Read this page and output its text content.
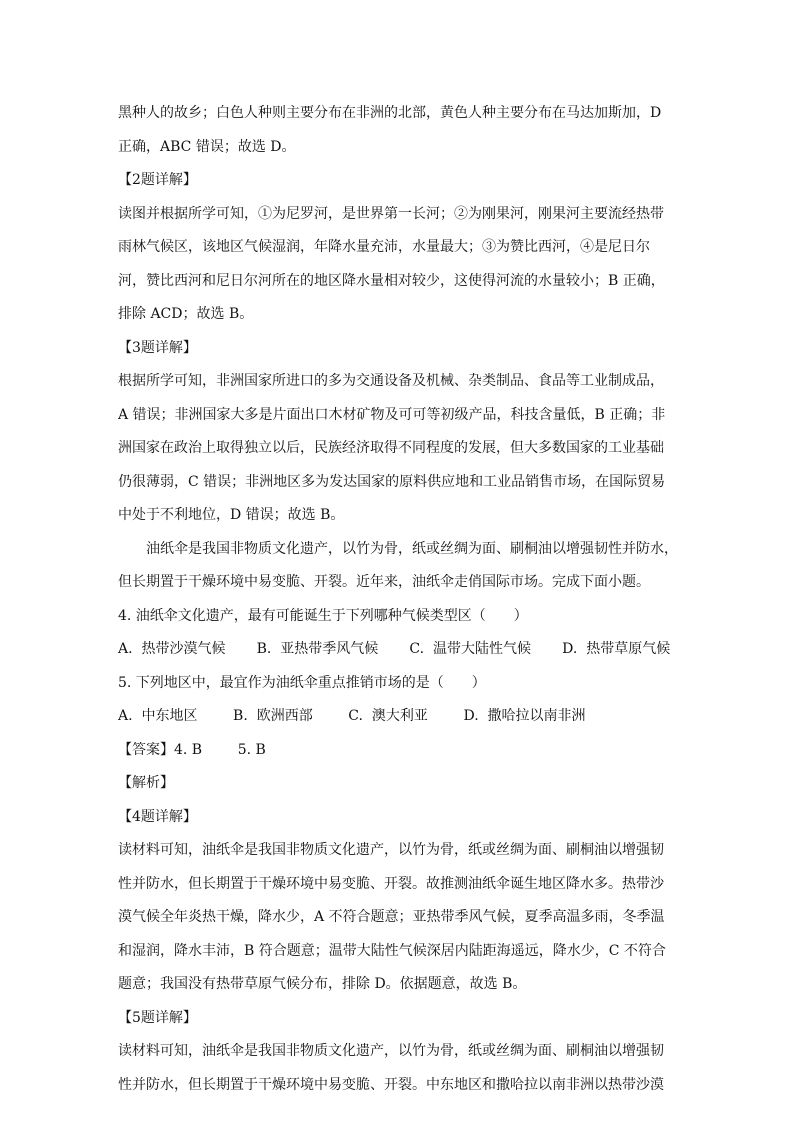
黑种人的故乡；白色人种则主要分布在非洲的北部，黄色人种主要分布在马达加斯加，D
正确，ABC 错误；故选 D。
【2题详解】
读图并根据所学可知，①为尼罗河，是世界第一长河；②为刚果河，刚果河主要流经热带
雨林气候区，该地区气候湿润，年降水量充沛，水量最大；③为赞比西河，④是尼日尔
河，赞比西河和尼日尔河所在的地区降水量相对较少，这使得河流的水量较小；B 正确，
排除 ACD；故选 B。
【3题详解】
根据所学可知，非洲国家所进口的多为交通设备及机械、杂类制品、食品等工业制成品，
A 错误；非洲国家大多是片面出口木材矿物及可可等初级产品，科技含量低，B 正确；非
洲国家在政治上取得独立以后，民族经济取得不同程度的发展，但大多数国家的工业基础
仍很薄弱，C 错误；非洲地区多为发达国家的原料供应地和工业品销售市场，在国际贸易
中处于不利地位，D 错误；故选 B。
油纸伞是我国非物质文化遗产，以竹为骨，纸或丝绸为面、刷桐油以增强韧性并防水，
但长期置于干燥环境中易变脆、开裂。近年来，油纸伞走俏国际市场。完成下面小题。
4. 油纸伞文化遗产，最有可能诞生于下列哪种气候类型区（　　）
A.  热带沙漠气候       B.  亚热带季风气候       C.  温带大陆性气候       D.  热带草原气候
5. 下列地区中，最宜作为油纸伞重点推销市场的是（　　）
A.  中东地区        B.  欧洲西部        C.  澳大利亚        D.  撒哈拉以南非洲
【答案】4. B        5. B
【解析】
【4题详解】
读材料可知，油纸伞是我国非物质文化遗产，以竹为骨，纸或丝绸为面、刷桐油以增强韧
性并防水，但长期置于干燥环境中易变脆、开裂。故推测油纸伞诞生地区降水多。热带沙
漠气候全年炎热干燥，降水少，A 不符合题意；亚热带季风气候，夏季高温多雨，冬季温
和湿润，降水丰沛，B 符合题意；温带大陆性气候深居内陆距海遥远，降水少，C 不符合
题意；我国没有热带草原气候分布，排除 D。依据题意，故选 B。
【5题详解】
读材料可知，油纸伞是我国非物质文化遗产，以竹为骨，纸或丝绸为面、刷桐油以增强韧
性并防水，但长期置于干燥环境中易变脆、开裂。中东地区和撒哈拉以南非洲以热带沙漠
